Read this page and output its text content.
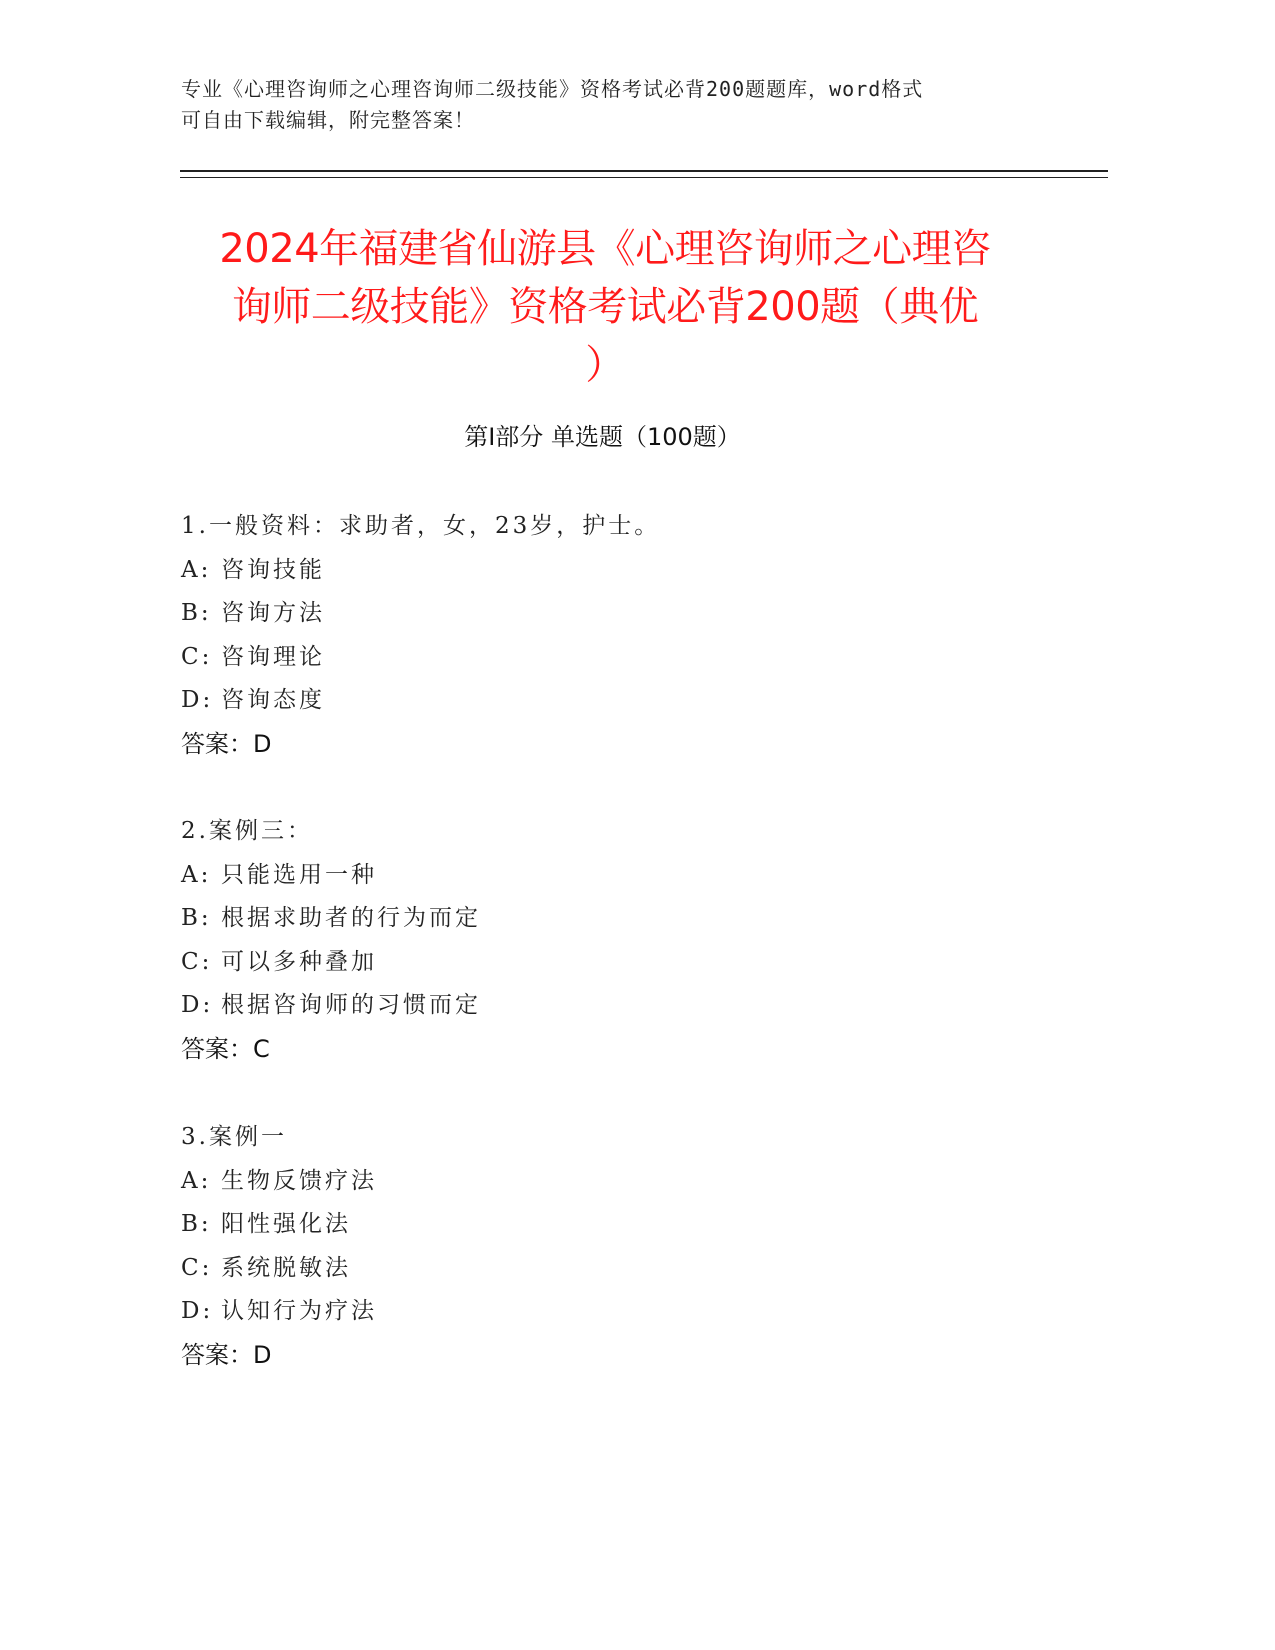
专业《心理咨询师之心理咨询师二级技能》资格考试必背200题题库，word格式
可自由下载编辑，附完整答案！
2024年福建省仙游县《心理咨询师之心理咨
询师二级技能》资格考试必背200题（典优
）
第Ⅰ部分 单选题（100题）
1.一般资料：求助者，女，23岁，护士。
A: 咨询技能
B: 咨询方法
C: 咨询理论
D: 咨询态度
答案：D
2.案例三：
A: 只能选用一种
B: 根据求助者的行为而定
C: 可以多种叠加
D: 根据咨询师的习惯而定
答案：C
3.案例一
A: 生物反馈疗法
B: 阳性强化法
C: 系统脱敏法
D: 认知行为疗法
答案：D
